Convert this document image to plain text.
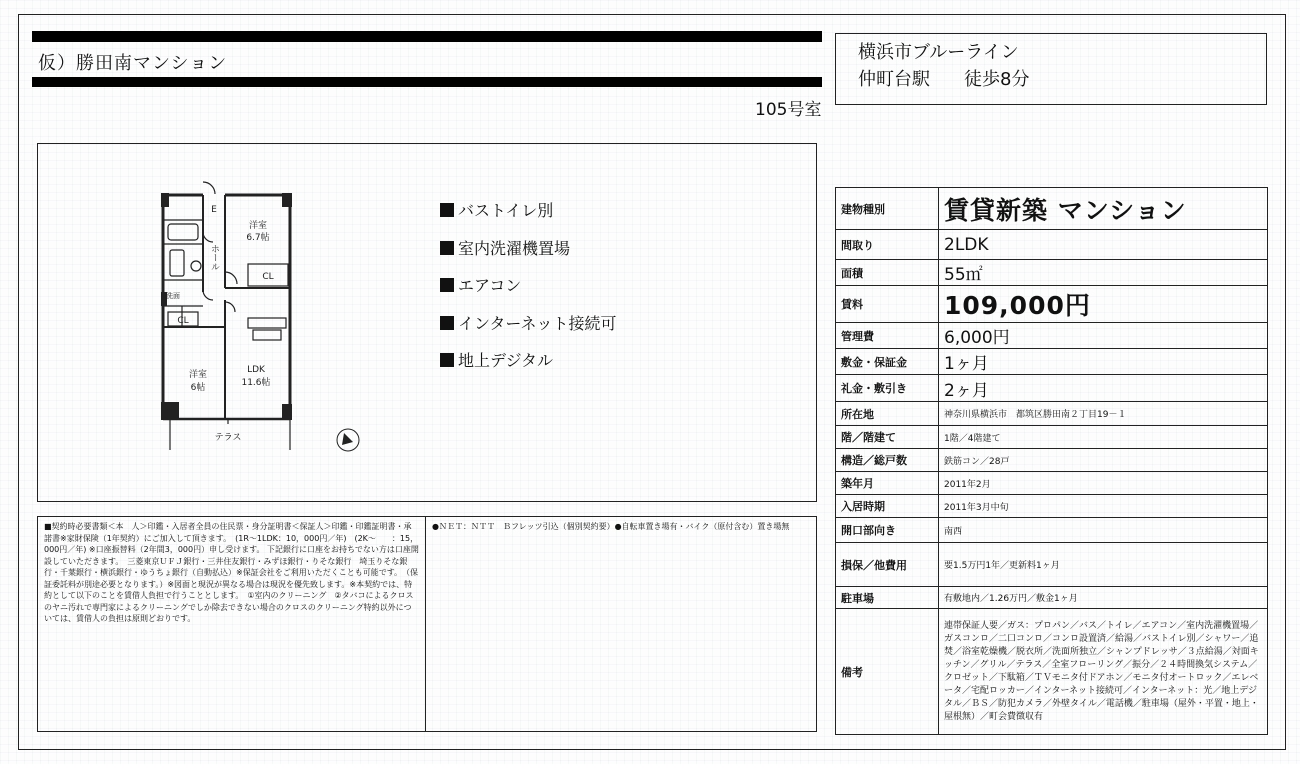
仮）勝田南マンション
105号室
横浜市ブルーライン
仲町台駅 徒歩8分
E
洋室
6.7帖
CL
CL
洗面
洋室
6帖
LDK
11.6帖
テラス
ホール
バストイレ別
室内洗濯機置場
エアコン
インターネット接続可
地上デジタル
■契約時必要書類＜本　人＞印鑑・入居者全員の住民票・身分証明書＜保証人＞印鑑・印鑑証明書・承諾書※家財保険（1年契約）にご加入して頂きます。　(1R〜1LDK：10，000円／年)　(2K〜　　：15，000円／年) ※口座振替料（2年間3，000円）申し受けます。 下記銀行に口座をお持ちでない方は口座開設していただきます。　三菱東京ＵＦＪ銀行・三井住友銀行・みずほ銀行・りそな銀行　埼玉りそな銀行・千葉銀行・横浜銀行・ゆうちょ銀行（自動払込）※保証会社をご利用いただくことも可能です。　（保証委託料が別途必要となります。）※図面と現況が異なる場合は現況を優先致します。※本契約では、特約として以下のことを賃借人負担で行うこととします。　①室内のクリーニング　②タバコによるクロスのヤニ汚れで専門家によるクリーニングでしか除去できない場合のクロスのクリーニング特約以外については、賃借人の負担は原則どおりです。
●ＮＥＴ：ＮＴＴ　Ｂフレッツ引込（個別契約要）●自転車置き場有・バイク（原付含む）置き場無
建物種別	賃貸新築 マンション
間取り	2LDK
面積	55㎡
賃料	109,000円
管理費	6,000円
敷金・保証金	1ヶ月
礼金・敷引き	2ヶ月
所在地	神奈川県横浜市　都筑区勝田南２丁目19－１
階／階建て	1階／4階建て
構造／総戸数	鉄筋コン／28戸
築年月	2011年2月
入居時期	2011年3月中旬
開口部向き	南西
損保／他費用	要1.5万円1年／更新料1ヶ月
駐車場	有敷地内／1.26万円／敷金1ヶ月
備考	連帯保証人要／ガス：プロパン／バス／トイレ／エアコン／室内洗濯機置場／ガスコンロ／二口コンロ／コンロ設置済／給湯／バストイレ別／シャワー／追焚／浴室乾燥機／脱衣所／洗面所独立／シャンプドレッサ／３点給湯／対面キッチン／グリル／テラス／全室フローリング／振分／２４時間換気システム／クロゼット／下駄箱／ＴＶモニタ付ドアホン／モニタ付オートロック／エレベータ／宅配ロッカー／インターネット接続可／インターネット：光／地上デジタル／ＢＳ／防犯カメラ／外壁タイル／電話機／駐車場（屋外・平置・地上・屋根無）／町会費徴収有
